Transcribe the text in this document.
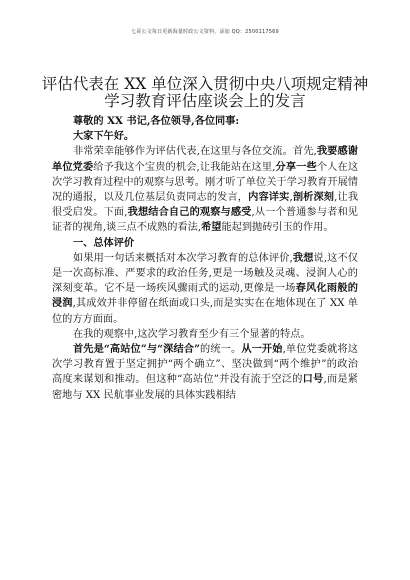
七哥公文每日更新海量时政公文资料，添加 QQ：2500117569
评估代表在 XX 单位深入贯彻中央八项规定精神学习教育评估座谈会上的发言

尊敬的 XX 书记,各位领导,各位同事:

大家下午好。

非常荣幸能够作为评估代表,在这里与各位交流。首先,我要感谢单位党委给予我这个宝贵的机会,让我能站在这里,分享一些个人在这次学习教育过程中的观察与思考。刚才听了单位关于学习教育开展情况的通报，以及几位基层负责同志的发言，内容详实,剖析深刻,让我很受启发。下面,我想结合自己的观察与感受,从一个普通参与者和见证者的视角,谈三点不成熟的看法,希望能起到抛砖引玉的作用。

一、总体评价

如果用一句话来概括对本次学习教育的总体评价,我想说,这不仅是一次高标准、严要求的政治任务,更是一场触及灵魂、浸润人心的深刻变革。它不是一场疾风骤雨式的运动,更像是一场春风化雨般的浸润,其成效并非停留在纸面或口头,而是实实在在地体现在了 XX 单位的方方面面。

在我的观察中,这次学习教育至少有三个显著的特点。

首先是“高站位”与“深结合”的统一。从一开始,单位党委就将这次学习教育置于坚定拥护“两个确立”、坚决做到“两个维护”的政治高度来谋划和推动。但这种“高站位”并没有流于空泛的口号,而是紧密地与 XX 民航事业发展的具体实践相结
